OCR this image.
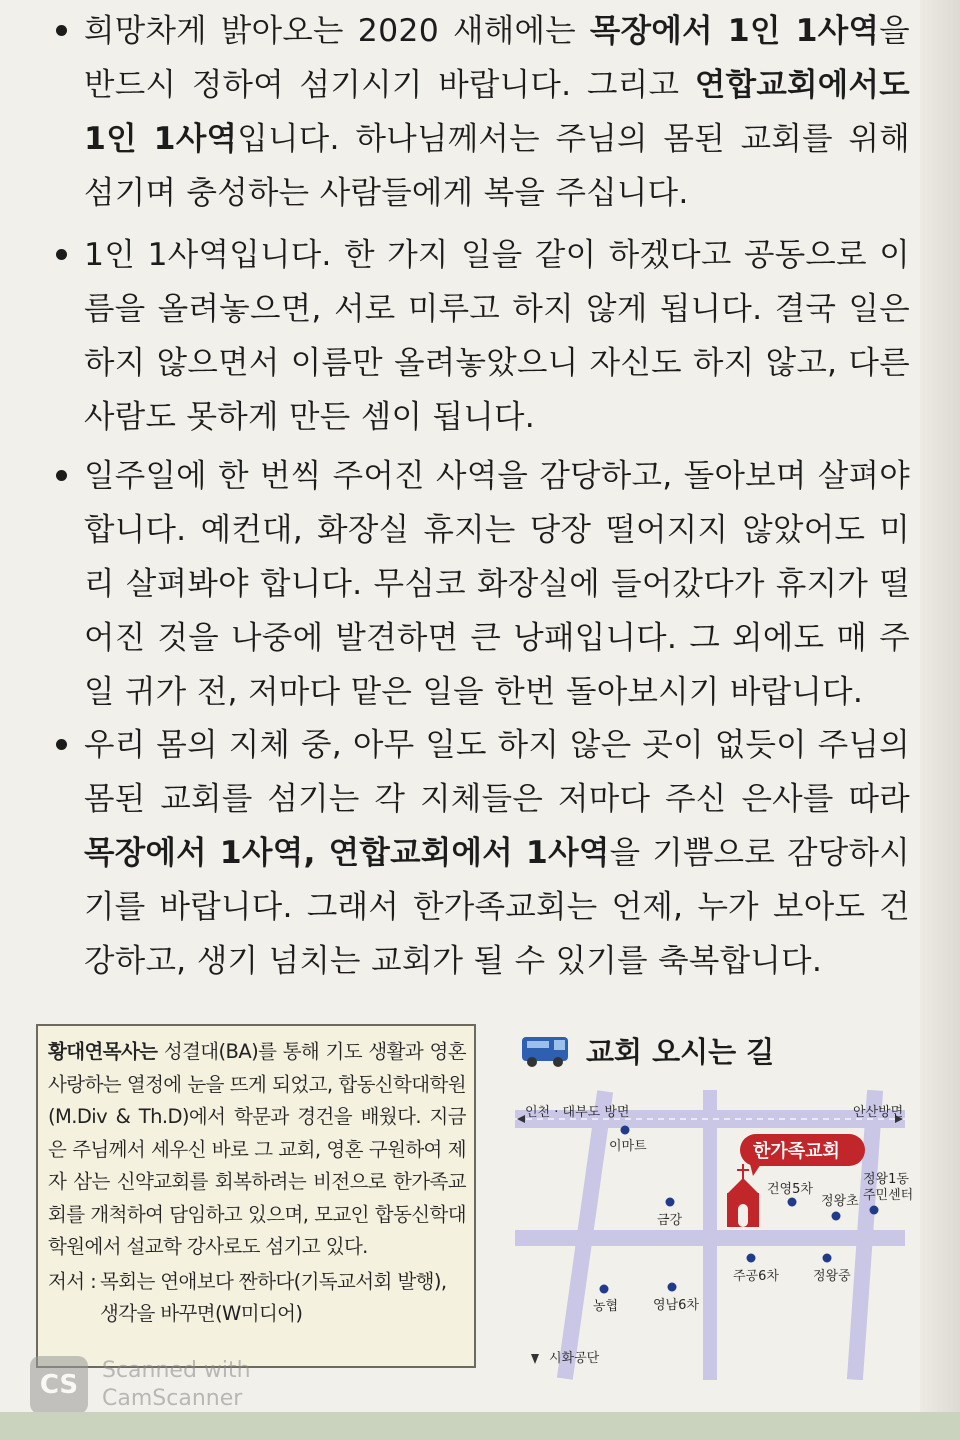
희망차게 밝아오는 2020 새해에는 목장에서 1인 1사역을 반드시 정하여 섬기시기 바랍니다. 그리고 연합교회에서도 1인 1사역입니다. 하나님께서는 주님의 몸된 교회를 위해 섬기며 충성하는 사람들에게 복을 주십니다.
1인 1사역입니다. 한 가지 일을 같이 하겠다고 공동으로 이름을 올려놓으면, 서로 미루고 하지 않게 됩니다. 결국 일은 하지 않으면서 이름만 올려놓았으니 자신도 하지 않고, 다른 사람도 못하게 만든 셈이 됩니다.
일주일에 한 번씩 주어진 사역을 감당하고, 돌아보며 살펴야 합니다. 예컨대, 화장실 휴지는 당장 떨어지지 않았어도 미리 살펴봐야 합니다. 무심코 화장실에 들어갔다가 휴지가 떨어진 것을 나중에 발견하면 큰 낭패입니다. 그 외에도 매 주일 귀가 전, 저마다 맡은 일을 한번 돌아보시기 바랍니다.
우리 몸의 지체 중, 아무 일도 하지 않은 곳이 없듯이 주님의 몸된 교회를 섬기는 각 지체들은 저마다 주신 은사를 따라 목장에서 1사역, 연합교회에서 1사역을 기쁨으로 감당하시기를 바랍니다. 그래서 한가족교회는 언제, 누가 보아도 건강하고, 생기 넘치는 교회가 될 수 있기를 축복합니다.
황대연목사는 성결대(BA)를 통해 기도 생활과 영혼 사랑하는 열정에 눈을 뜨게 되었고, 합동신학대학원(M.Div & Th.D)에서 학문과 경건을 배웠다. 지금은 주님께서 세우신 바로 그 교회, 영혼 구원하여 제자 삼는 신약교회를 회복하려는 비전으로 한가족교회를 개척하여 담임하고 있으며, 모교인 합동신학대학원에서 설교학 강사로도 섬기고 있다.
저서 : 목회는 연애보다 짠하다(기독교서회 발행),
생각을 바꾸면(W미디어)
교회 오시는 길
인천 · 대부도 방면	안산방면
이마트
금강
한가족교회
건영5차
정왕초
정왕1동
주민센터
주공6차	정왕중
농협	영남6차
시화공단
CS	Scanned with
CamScanner
